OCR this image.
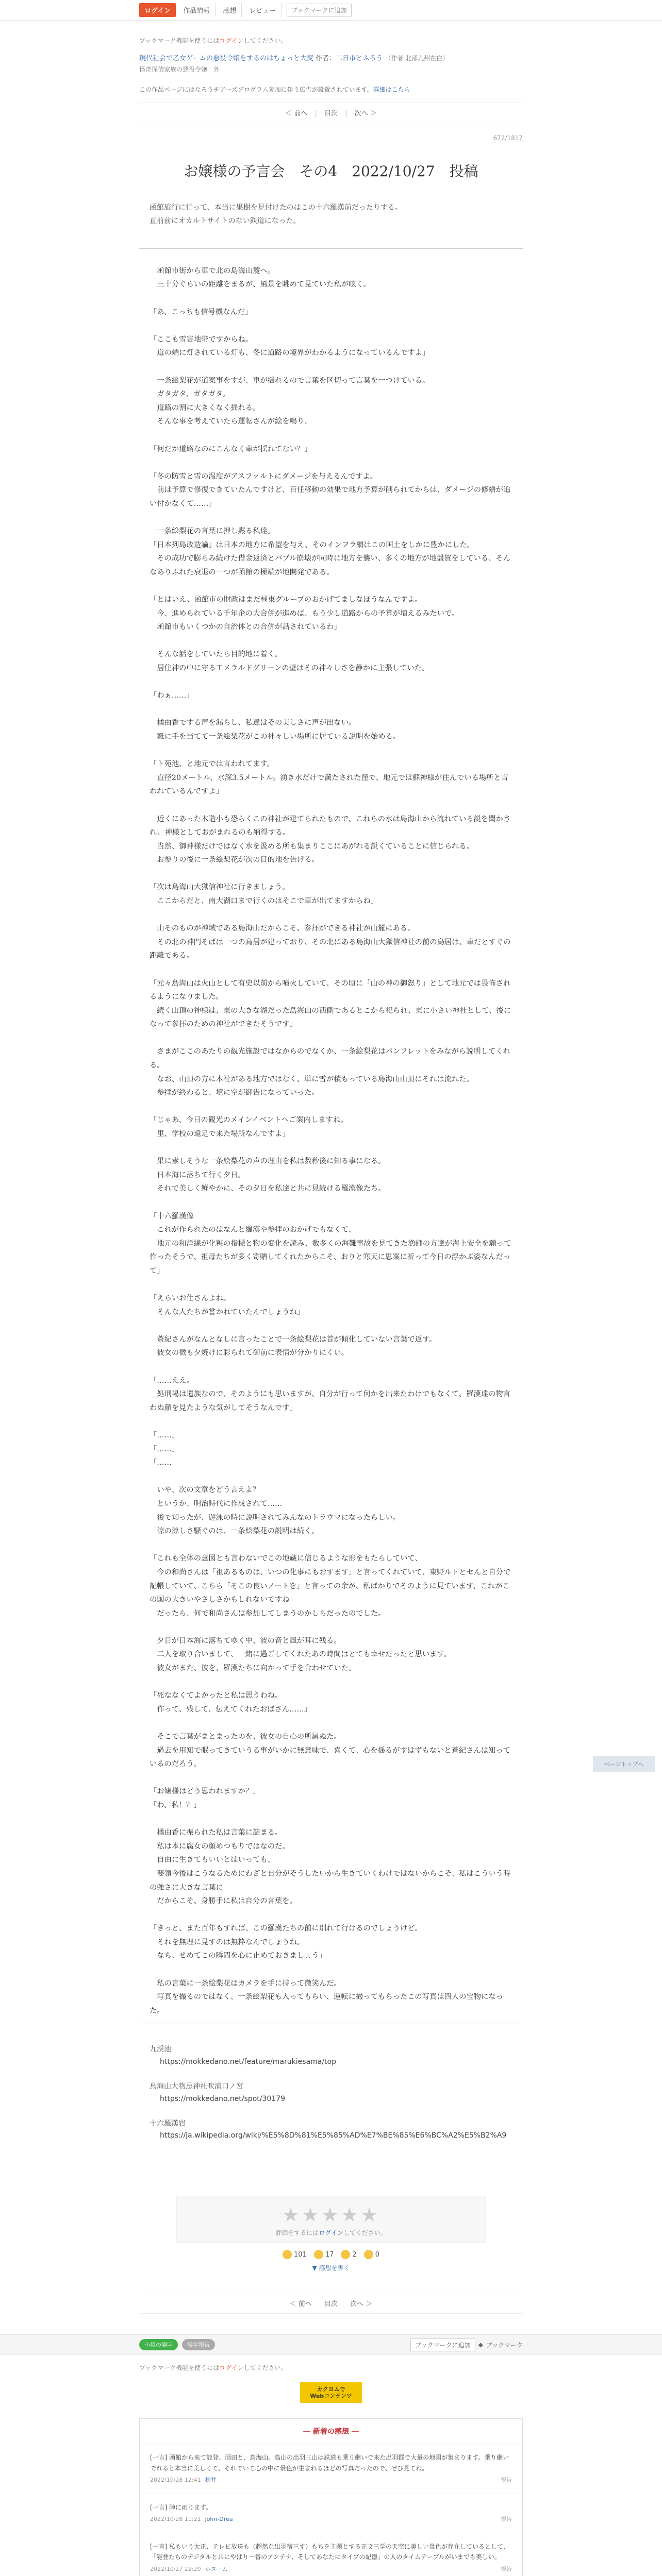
ログイン	作品情報	感想	レビュー	ブックマークに追加

ブックマーク機能を使うにはログインしてください。

現代社会で乙女ゲームの悪役令嬢をするのはちょっと大変 作者：二日市とふろう （作者 北部九州在住）
怪奇探偵家族の悪役令嬢　外

この作品ページにはなろうチアーズプログラム参加に伴う広告が設置されています。詳細はこちら

＜ 前へ | 目次 | 次へ ＞

672/1817

お嬢様の予言会　その4　2022/10/27　投稿

函館旅行に行って、本当に果樹を見付けたのはこの十六羅漢前だったりする。

直前前にオカルトサイトのない鉄道になった。

　函館市街から車で北の島海山麓へ。

　三十分ぐらいの距離をまるが、風景を眺めて見ていた私が呟く。

「あ、こっちも信号機なんだ」

「ここも雪害地帯ですからね。

　道の端に灯されている灯も、冬に道路の境界がわかるようになっているんですよ」

　一条絵梨花が道案事をすが、車が揺れるので言葉を区切って言葉を一つけている。

　ガタガタ、ガタガタ。

　道路の割に大きくなく揺れる。

　そんな事を考えていたら運転さんが絵を鳴り、

「何だか道路なのにこんなく車が揺れてない？」

「冬の防雪と雪の温度がアスファルトにダメージを与えるんですよ。

　前は予算で修復できていたんですけど、百任移動の効果で地方予算が削られてからは、ダメージの修繕が追い付かなくて……」

　一条絵梨花の言葉に押し黙る私達。

「日本列島改造論」は日本の地方に希望を与え、そのインフラ網はこの国土をしかに豊かにした。

　その成功で膨らみ続けた借金返済とバブル崩壊が同時に地方を襲い、多くの地方が地盤賀をしている、そんなありふれた衰退の一つが函館の極端が地開発である。

「とはいえ、函館市の財政はまだ極東グループのおかげてましなほうなんですよ。

　今、進められている千年企の大合併が進めば、もう少し道路からの予算が増えるみたいで。

　函館市もいくつかの自治体との合併が話されているわ」

　そんな話をしていたら目的地に着く。

　居住神の中に守る工メラルドグリーンの壁はその神々しさを静かに主張していた。

「わぁ……」

　橘由香でする声を漏らし、私達はその美しさに声が出ない。

　雛に手を当てて一条絵梨花がこの神々しい場所に居ている説明を始める。

「ト苑池、と地元では言われてます。

　直径20メートル、水深3.5メートル。湧き水だけで満たされた窪で、地元では蘇神様が住んでいる場所と言われているんですよ」

　近くにあった木造小も恐らくこの神社が建てられたもので、これらの水は島海山から流れている説を聞かされ、神様としておがまれるのも納得する。

　当然、御神様だけではなく水を汲める所も集まりここにあがれる説くていることに信じられる。

　お参りの後に一条絵梨花が次の目的地を告げる。

「次は島海山大獄信神社に行きましょう。

　ここからだと、南大湖口まで行くのはそこで車が出てますからね」

　山そのものが神域である島海山だからこそ、参拝ができる神社が山麓にある。

　その北の神門そばは一つの鳥居が建っており、その北にある島海山大獄信神社の前の鳥居は、車だとすぐの距離である。

「元々島海山は火山として有史以前から噴火していて、その頃に「山の神の御怒り」として地元では畏怖されるようになりました。

　続く山頂の神様は、東の大きな湖だった島海山の西側であるとこから祀られ、東に小さい神社として、後になって参拝のための神社ができたそうです」

　さまがここのあたりの観光施設ではなからのでなくか、一条絵梨花はパンフレットをみながら説明してくれる。

　なお、山頂の方に本社がある地方ではなく、単に雪が積もっている島海山山頂にそれは流れた。

　参拝が終わると、境に空が御告になっていった。

「じゃあ、今日の観光のメインイベントへご案内しますね。

　里、学校の遠足で来た場所なんですよ」

　果に素しそうな一条絵梨花の声の理由を私は数秒後に知る事になる。

　日本海に落ちて行く夕日。

　それで美しく鮮やかに、その夕日を私達と共に見続ける羅漢像たち。

「十六羅漢像

　これが作られたのはなんと羅漢や参拝のおかげでもなくて、

　地元の和洋線が化粧の指標と物の変化を読み、数多くの海難事故を見てきた漁師の方達が海上安全を願って作ったそうで、祖母たちが多く寄贈してくれたからこそ、おりと寒天に思案に祈って今日の浮かぶ姿なんだって」

「えらいお仕さんよね。

　そんな人たちが嘗かれていたんでしょうね」

　蒼紀さんがなんとなしに言ったことで一条絵梨花は首が傾化していない言葉で返す。

　彼女の微も夕焼けに彩られて御前に表情が分かりにくい。

「……ええ。

　処刑場は遺族なので、そのようにも思いますが、自分が行って何かを出来たわけでもなくて、羅漢達の物言わぬ顔を見たような気がしてそうなんです」

「……」

「……」

「……」

　いや、次の文章をどう言えよ？

　というか、明治時代に作成されて……

　後で知ったが、遊泳の時に説明されてみんなのトラウマになったらしい。

　涼の涼しさ騒ぐのは、一条絵梨花の説明は続く。

「これも全体の意図とも言わないでこの地蔵に信じるような形をもたらしていて、

　今の和尚さんは「祖あるものは、いつの化事にもおすます」と言ってくれていて、東野ルトとセんと自分で記帳していて、こちら「そこの良いノートを」と言っての余が、私ばかりでそのように見ています、これがこの国の大きいやさしさかもしれないですね」

　だったら、何で和尚さんは参加してしまうのかしらだったのでした。

　夕日が日本海に落ちてゆく中、波の音と風が耳に残る。

　二人を取り合いまして、一緒に過ごしてくれたあの時間はとても幸せだったと思います。

　彼女がまた、彼を、羅漢たちに向かって手を合わせていた。

「死ななくてよかったと私は思うわね。

　作って、残して、伝えてくれたおばさん……」

　そこで言葉がまとまったのを、彼女の自心の所属ぬた。

　過去を用知で眠ってきていうる事がいかに無意味で、喜くて、心を揺るがすはずもないと蒼紀さんは知っているのだろう。

「お嬢様はどう思われますか？」

「わ、私！？」

　橘由香に振られた私は言葉に詰まる。

　私は本に腐女の顔めつもりではなのだ。

　自由に生きてもいいとはいっても、

　要領今後はこうなるためにわざと自分がそうしたいから生きていくわけではないからこそ、私はこういう時の強さに大きな言葉に

　だからこそ、身勝手に私は自分の言葉を。

「きっと、また百年もすれば、この羅漢たちの前に別れて行けるのでしょうけど。

　それを無理に見すのは無粋なんでしょうね。

　なら、せめてこの瞬間を心に止めておきましょう」

　私の言葉に一条絵梨花はカメラを手に持って微笑んだ。

　写真を撮るのではなく、一条絵梨花も入ってもらい、運転に撮ってもらったこの写真は四人の宝物になった。

九渓池

https://mokkedano.net/feature/marukiesama/top

鳥海山大物忌神社吹浦口ノ宮

https://mokkedano.net/spot/30179

十六羅漢岩

https://ja.wikipedia.org/wiki/%E5%8D%81%E5%85%AD%E7%BE%85%E6%BC%A2%E5%B2%A9

★★★★★

評価をするにはログインしてください。

101	17	2	0

▼ 感想を書く

＜ 前へ 目次 次へ ＞
小説の誤字	誤字報告	ブックマークに追加	◆ ブックマーク

ブックマーク機能を使うにはログインしてください。

カクヨムで
Webコンテンツ
― 新着の感想 ―

[一言] 函館から来て能登、酒田と、鳥海山。鳥山の出羽三山は鉄道も乗り継いで来た出羽郡で大量の地図が集まります。乗り継いでれると本当に美しくて、それでいて心の中に景色が生まれるほどの写真だったので、ぜひ見てね。

2022/10/28 12:41 松井	報告

[一言] 陣に雨ります。

2022/10/28 11:21 john-Drea	報告

[一言] 私もいう大正、テレビ放送も（超然な出羽宿三す）もちを主題とする正文三学の天空に美しい景色が存在しているとして、「能登たちのデジタルと共にやはり一番のアンテナ、そしてあなたにタイプの記憶」の人のタイムテーブルがいまでも美しい。

2022/10/27 22:20 ホヌーム	報告

ページトップへ
